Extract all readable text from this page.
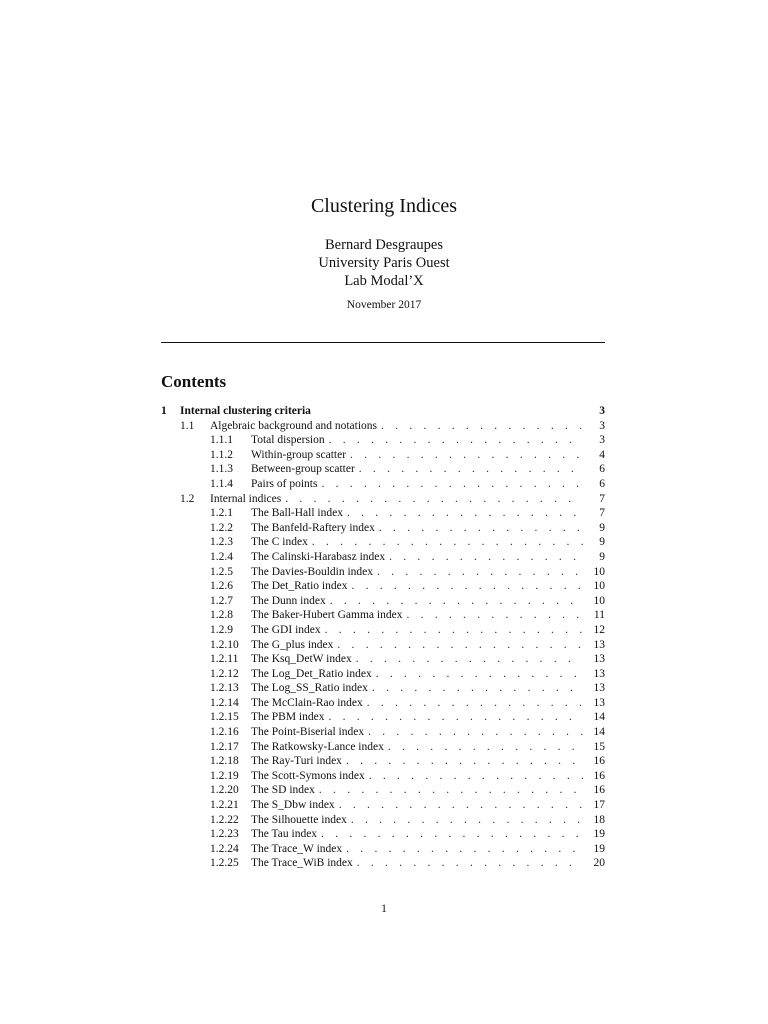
Clustering Indices
Bernard Desgraupes
University Paris Ouest
Lab Modal’X
November 2017
Contents
1	Internal clustering criteria	3
1.1	Algebraic background and notations . . .	3
1.1.1	Total dispersion . . .	3
1.1.2	Within-group scatter . . .	4
1.1.3	Between-group scatter . . .	6
1.1.4	Pairs of points . . .	6
1.2	Internal indices . . .	7
1.2.1	The Ball-Hall index . . .	7
1.2.2	The Banfeld-Raftery index . . .	9
1.2.3	The C index . . .	9
1.2.4	The Calinski-Harabasz index . . .	9
1.2.5	The Davies-Bouldin index . . .	10
1.2.6	The Det_Ratio index . . .	10
1.2.7	The Dunn index . . .	10
1.2.8	The Baker-Hubert Gamma index . . .	11
1.2.9	The GDI index . . .	12
1.2.10	The G_plus index . . .	13
1.2.11	The Ksq_DetW index . . .	13
1.2.12	The Log_Det_Ratio index . . .	13
1.2.13	The Log_SS_Ratio index . . .	13
1.2.14	The McClain-Rao index . . .	13
1.2.15	The PBM index . . .	14
1.2.16	The Point-Biserial index . . .	14
1.2.17	The Ratkowsky-Lance index . . .	15
1.2.18	The Ray-Turi index . . .	16
1.2.19	The Scott-Symons index . . .	16
1.2.20	The SD index . . .	16
1.2.21	The S_Dbw index . . .	17
1.2.22	The Silhouette index . . .	18
1.2.23	The Tau index . . .	19
1.2.24	The Trace_W index . . .	19
1.2.25	The Trace_WiB index . . .	20
1
